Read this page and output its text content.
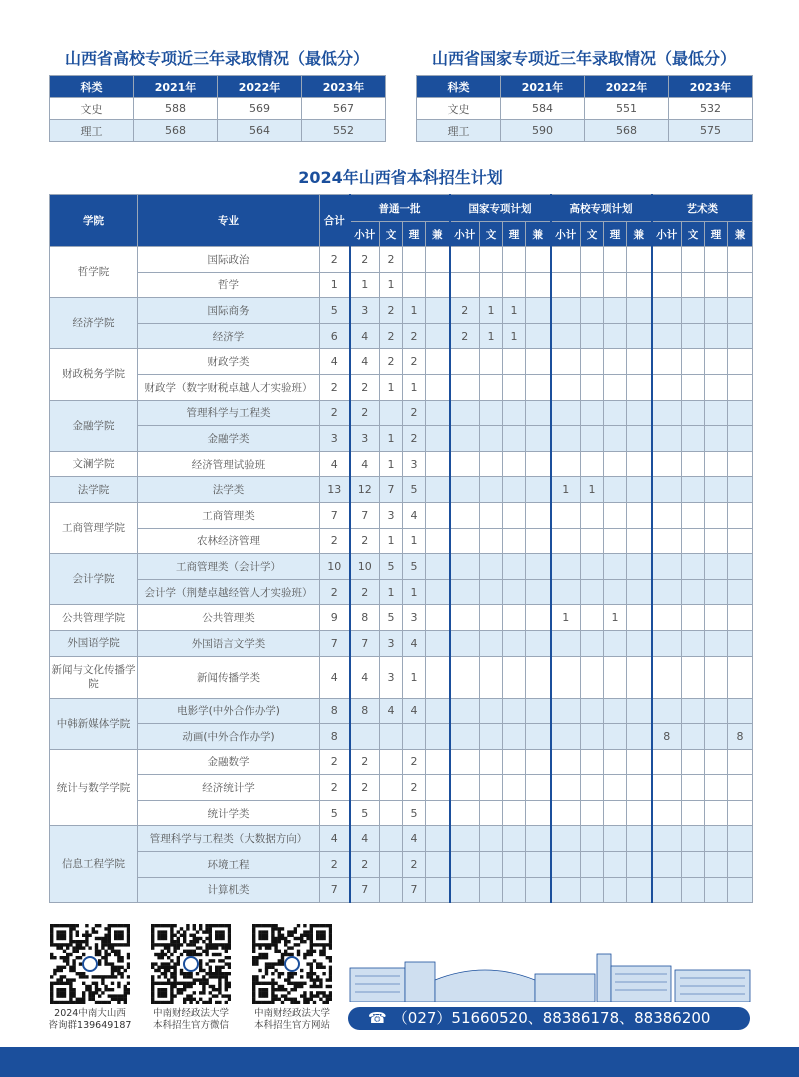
山西省高校专项近三年录取情况（最低分）
科类	2021年	2022年	2023年
文史	588	569	567
理工	568	564	552
山西省国家专项近三年录取情况（最低分）
科类	2021年	2022年	2023年
文史	584	551	532
理工	590	568	575
2024年山西省本科招生计划
学院	专业	合计	普通一批				国家专项计划				高校专项计划				艺术类			
			小计	文	理	兼	小计	文	理	兼	小计	文	理	兼	小计	文	理	兼
哲学院	国际政治	2	2	2														
	哲学	1	1	1														
经济学院	国际商务	5	3	2	1		2	1	1									
	经济学	6	4	2	2		2	1	1									
财政税务学院	财政学类	4	4	2	2													
	财政学（数字财税卓越人才实验班）	2	2	1	1													
金融学院	管理科学与工程类	2	2		2													
	金融学类	3	3	1	2													
文澜学院	经济管理试验班	4	4	1	3													
法学院	法学类	13	12	7	5						1	1						
工商管理学院	工商管理类	7	7	3	4													
	农林经济管理	2	2	1	1													
会计学院	工商管理类（会计学）	10	10	5	5													
	会计学（荆楚卓越经管人才实验班）	2	2	1	1													
公共管理学院	公共管理类	9	8	5	3						1		1					
外国语学院	外国语言文学类	7	7	3	4													
新闻与文化传播学院	新闻传播学类	4	4	3	1													
中韩新媒体学院	电影学(中外合作办学)	8	8	4	4													
	动画(中外合作办学)	8													8			8
统计与数学学院	金融数学	2	2		2													
	经济统计学	2	2		2													
	统计学类	5	5		5													
信息工程学院	管理科学与工程类（大数据方向）	4	4		4													
	环境工程	2	2		2													
	计算机类	7	7		7													
2024中南大山西
咨询群139649187
中南财经政法大学
本科招生官方微信
中南财经政法大学
本科招生官方网站	☎ （027）51660520、88386178、88386200
